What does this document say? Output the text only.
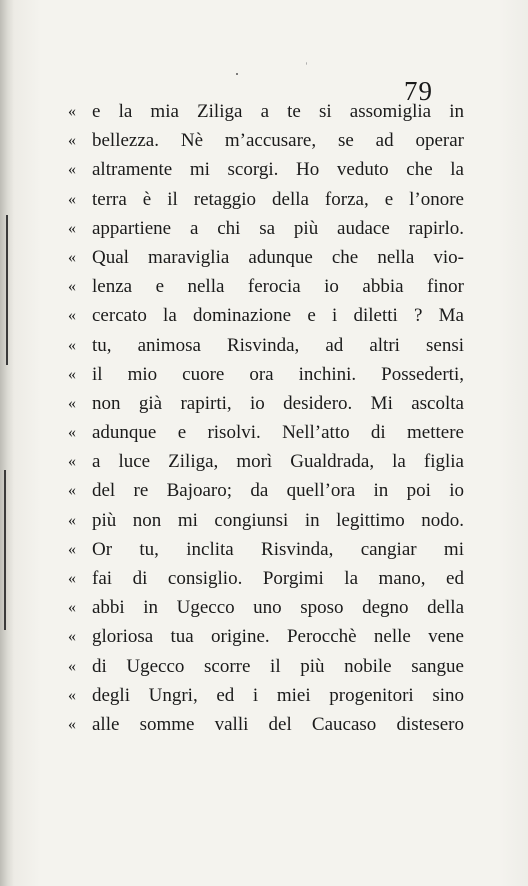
79
« e la mia Ziliga a te si assomiglia in
« bellezza. Nè m’accusare, se ad operar
« altramente mi scorgi. Ho veduto che la
« terra è il retaggio della forza, e l’onore
« appartiene a chi sa più audace rapirlo.
« Qual maraviglia adunque che nella vio-
« lenza e nella ferocia io abbia finor
« cercato la dominazione e i diletti ? Ma
« tu, animosa Risvinda, ad altri sensi
« il mio cuore ora inchini. Possederti,
« non già rapirti, io desidero. Mi ascolta
« adunque e risolvi. Nell’atto di mettere
« a luce Ziliga, morì Gualdrada, la figlia
« del re Bajoaro; da quell’ora in poi io
« più non mi congiunsi in legittimo nodo.
« Or tu, inclita Risvinda, cangiar mi
« fai di consiglio. Porgimi la mano, ed
« abbi in Ugecco uno sposo degno della
« gloriosa tua origine. Perocchè nelle vene
« di Ugecco scorre il più nobile sangue
« degli Ungri, ed i miei progenitori sino
« alle somme valli del Caucaso distesero
